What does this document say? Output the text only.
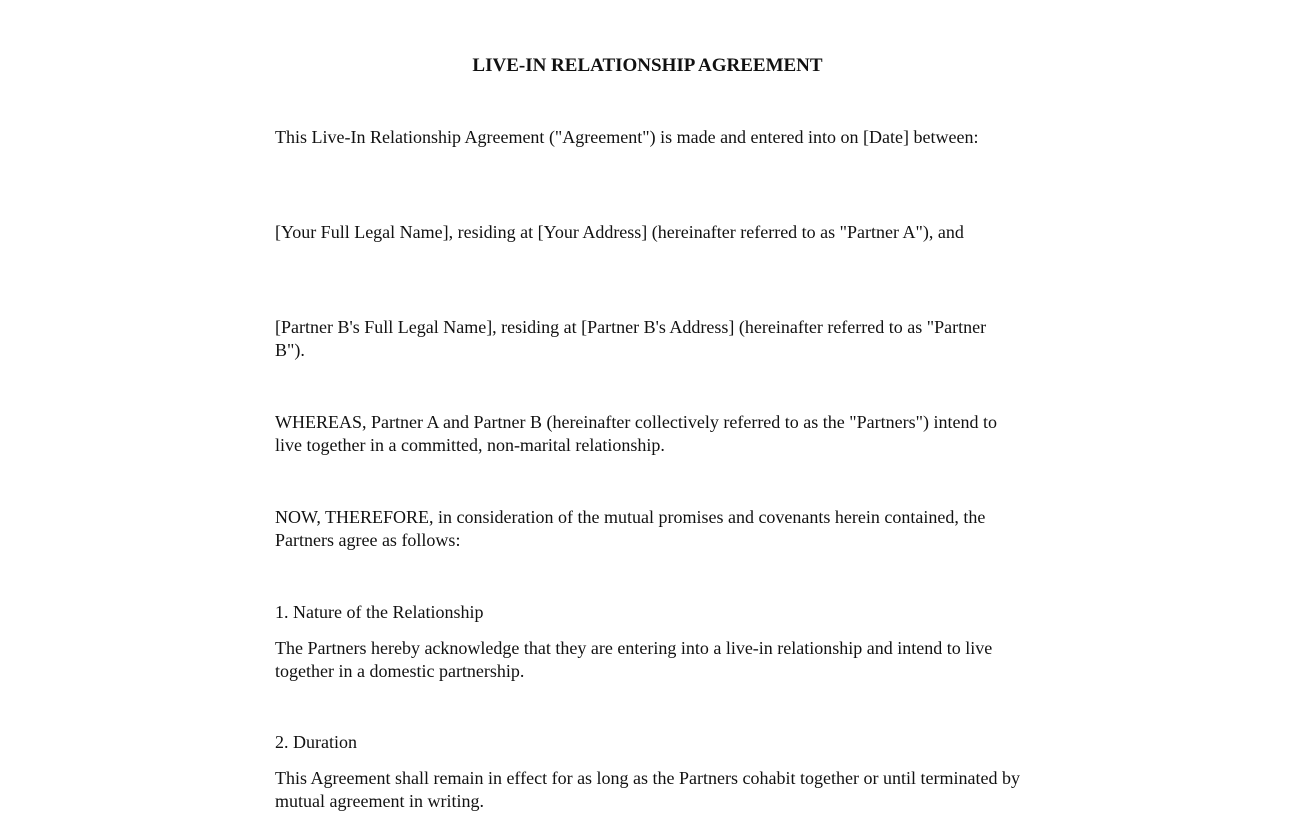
LIVE-IN RELATIONSHIP AGREEMENT

This Live-In Relationship Agreement ("Agreement") is made and entered into on [Date] between:

[Your Full Legal Name], residing at [Your Address] (hereinafter referred to as "Partner A"), and

[Partner B's Full Legal Name], residing at [Partner B's Address] (hereinafter referred to as "Partner B").

WHEREAS, Partner A and Partner B (hereinafter collectively referred to as the "Partners") intend to live together in a committed, non-marital relationship.

NOW, THEREFORE, in consideration of the mutual promises and covenants herein contained, the Partners agree as follows:

1. Nature of the Relationship

The Partners hereby acknowledge that they are entering into a live-in relationship and intend to live together in a domestic partnership.

2. Duration

This Agreement shall remain in effect for as long as the Partners cohabit together or until terminated by mutual agreement in writing.
